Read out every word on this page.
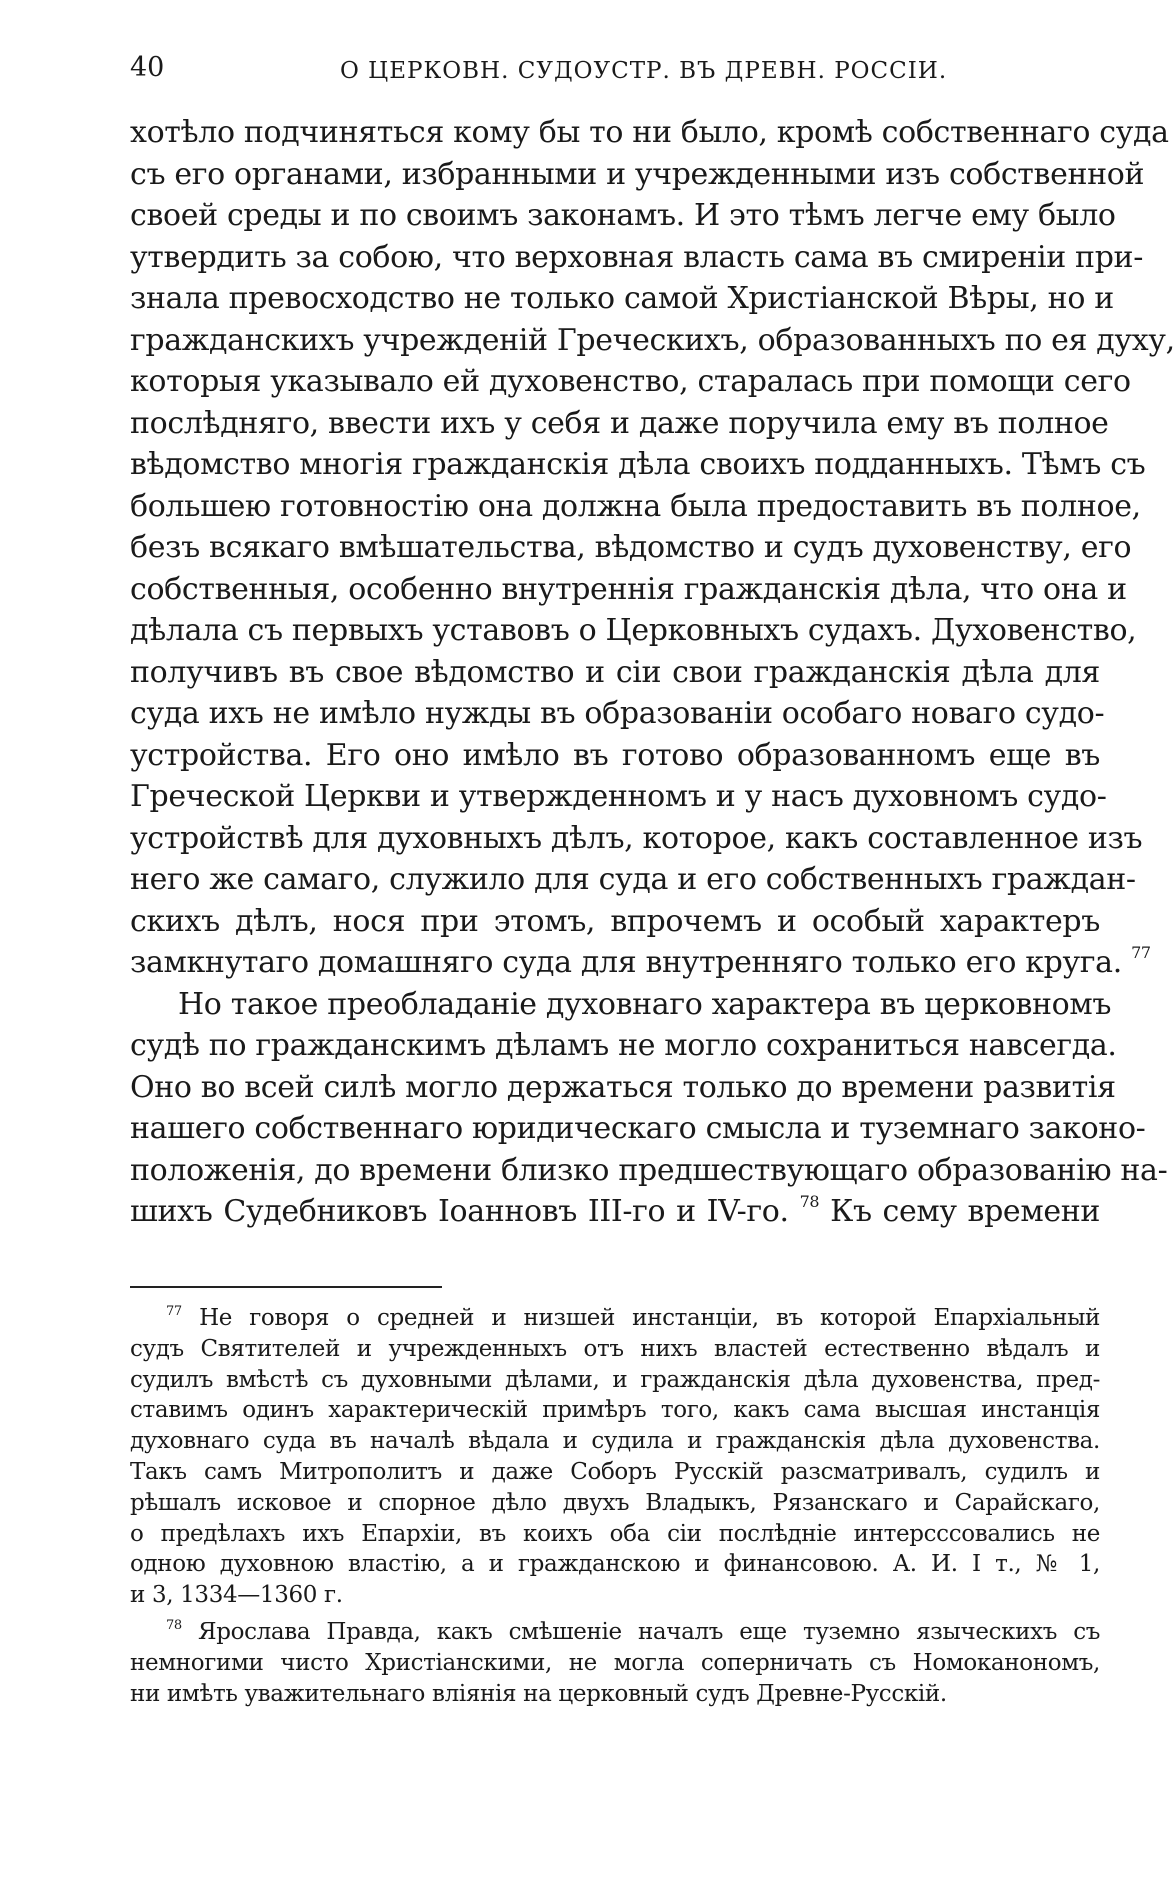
40	О ЦЕРКОВН. СУДОУСТР. ВЪ ДРЕВН. РОССІИ.
хотѣло подчиняться кому бы то ни было, кромѣ собственнаго суда
съ его органами, избранными и учрежденными изъ собственной
своей среды и по своимъ законамъ. И это тѣмъ легче ему было
утвердить за собою, что верховная власть сама въ смиреніи при-
знала превосходство не только самой Христіанской Вѣры, но и
гражданскихъ учрежденій Греческихъ, образованныхъ по ея духу,
которыя указывало ей духовенство, старалась при помощи сего
послѣдняго, ввести ихъ у себя и даже поручила ему въ полное
вѣдомство многія гражданскія дѣла своихъ подданныхъ. Тѣмъ съ
большею готовностію она должна была предоставить въ полное,
безъ всякаго вмѣшательства, вѣдомство и судъ духовенству, его
собственныя, особенно внутреннія гражданскія дѣла, что она и
дѣлала съ первыхъ уставовъ о Церковныхъ судахъ. Духовенство,
получивъ въ свое вѣдомство и сіи свои гражданскія дѣла для
суда ихъ не имѣло нужды въ образованіи особаго новаго судо-
устройства. Его оно имѣло въ готово образованномъ еще въ
Греческой Церкви и утвержденномъ и у насъ духовномъ судо-
устройствѣ для духовныхъ дѣлъ, которое, какъ составленное изъ
него же самаго, служило для суда и его собственныхъ граждан-
скихъ дѣлъ, нося при этомъ, впрочемъ и особый характеръ
замкнутаго домашняго суда для внутренняго только его круга. $^{77}$
Но такое преобладаніе духовнаго характера въ церковномъ
судѣ по гражданскимъ дѣламъ не могло сохраниться навсегда.
Оно во всей силѣ могло держаться только до времени развитія
нашего собственнаго юридическаго смысла и туземнаго законо-
положенія, до времени близко предшествующаго образованію на-
шихъ Судебниковъ Іоанновъ III-го и IV-го. $^{78}$ Къ сему времени
$^{77}$ Не говоря о средней и низшей инстанціи, въ которой Епархіальный
судъ Святителей и учрежденныхъ отъ нихъ властей естественно вѣдалъ и
судилъ вмѣстѣ съ духовными дѣлами, и гражданскія дѣла духовенства, пред-
ставимъ одинъ характерическій примѣръ того, какъ сама высшая инстанція
духовнаго суда въ началѣ вѣдала и судила и гражданскія дѣла духовенства.
Такъ самъ Митрополитъ и даже Соборъ Русскій разсматривалъ, судилъ и
рѣшалъ исковое и спорное дѣло двухъ Владыкъ, Рязанскаго и Сарайскаго,
о предѣлахъ ихъ Епархіи, въ коихъ оба сіи послѣдніе интерсссовались не
одною духовною властію, а и гражданскою и финансовою. А. И. І т., № 1,
и 3, 1334—1360 г.
$^{78}$ Ярослава Правда, какъ смѣшеніе началъ еще туземно языческихъ съ
немногими чисто Христіанскими, не могла соперничать съ Номоканономъ,
ни имѣть уважительнаго вліянія на церковный судъ Древне-Русскій.
